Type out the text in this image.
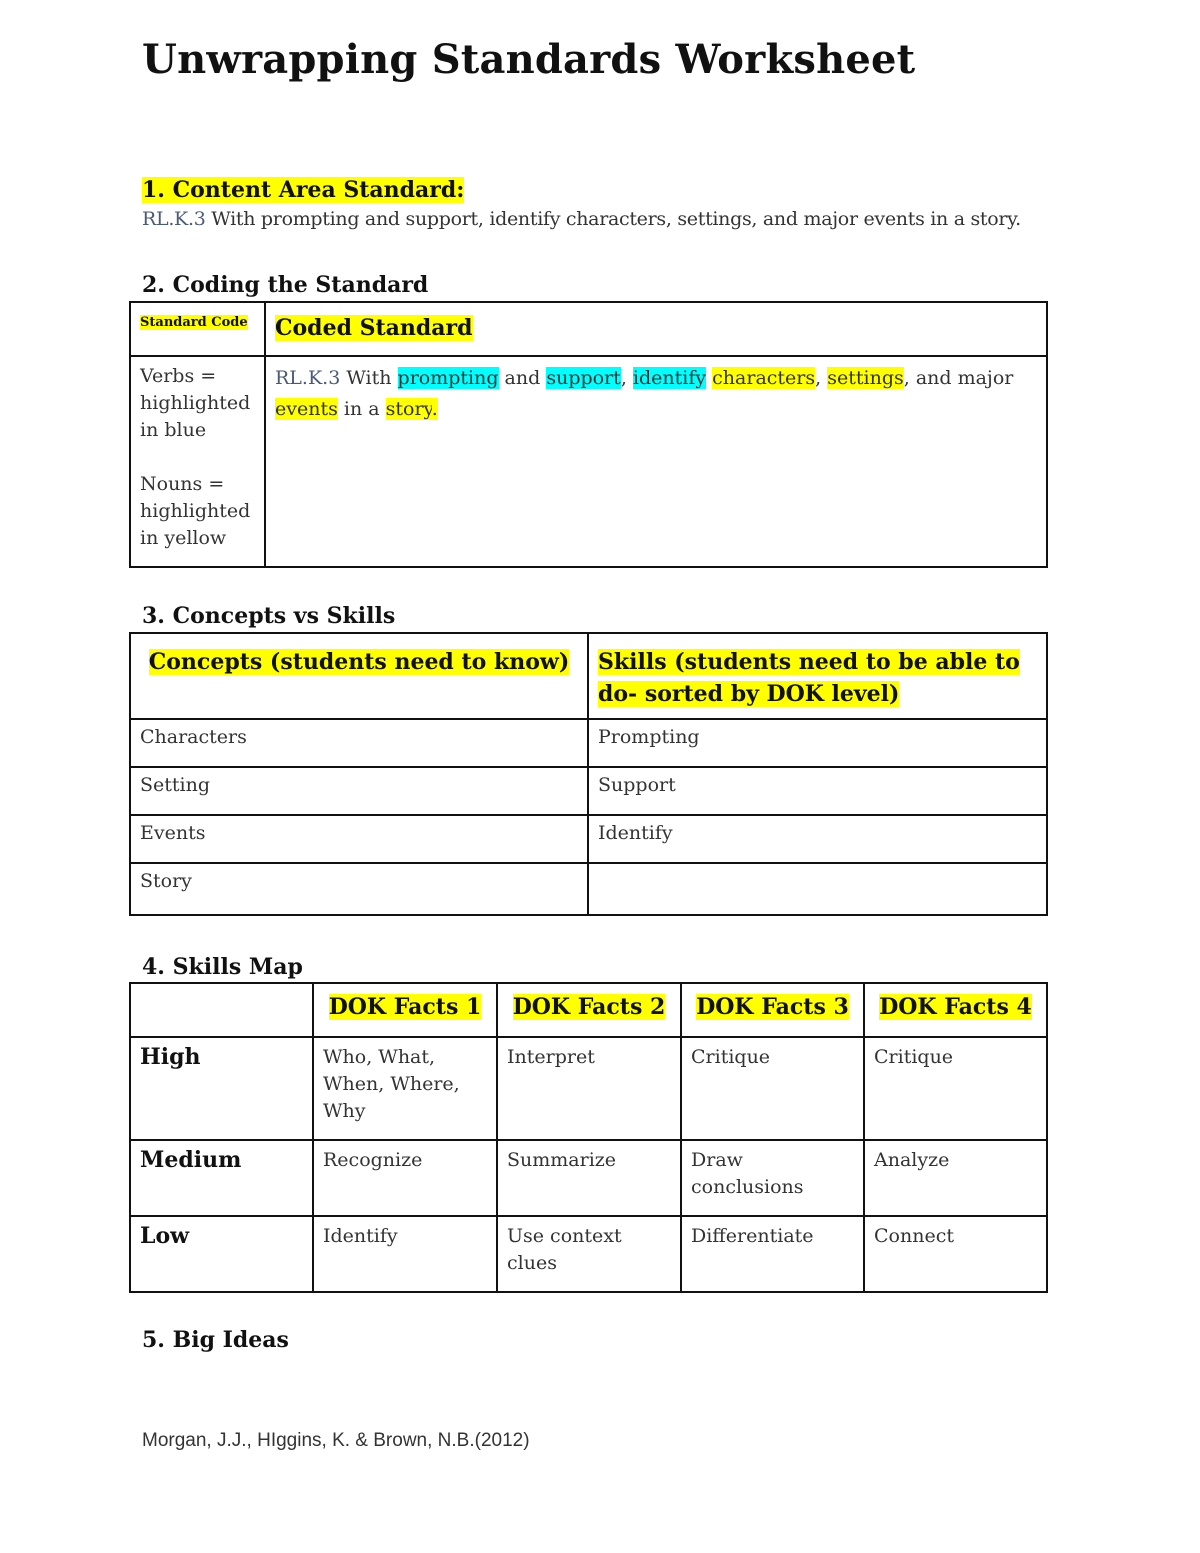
Unwrapping Standards Worksheet

1. Content Area Standard:

RL.K.3 With prompting and support, identify characters, settings, and major events in a story.

2. Coding the Standard

Standard Code	Coded Standard

Verbs = highlighted in blue
Nouns = highlighted in yellow	RL.K.3 With prompting and support, identify characters, settings, and major events in a story.

3. Concepts vs Skills

Concepts (students need to know)	Skills (students need to be able to do- sorted by DOK level)
Characters	Prompting
Setting	Support
Events	Identify
Story	

4. Skills Map

	DOK Facts 1	DOK Facts 2	DOK Facts 3	DOK Facts 4
High	Who, What, When, Where, Why	Interpret	Critique	Critique
Medium	Recognize	Summarize	Draw conclusions	Analyze
Low	Identify	Use context clues	Differentiate	Connect

5. Big Ideas

Morgan, J.J., HIggins, K. & Brown, N.B.(2012)
